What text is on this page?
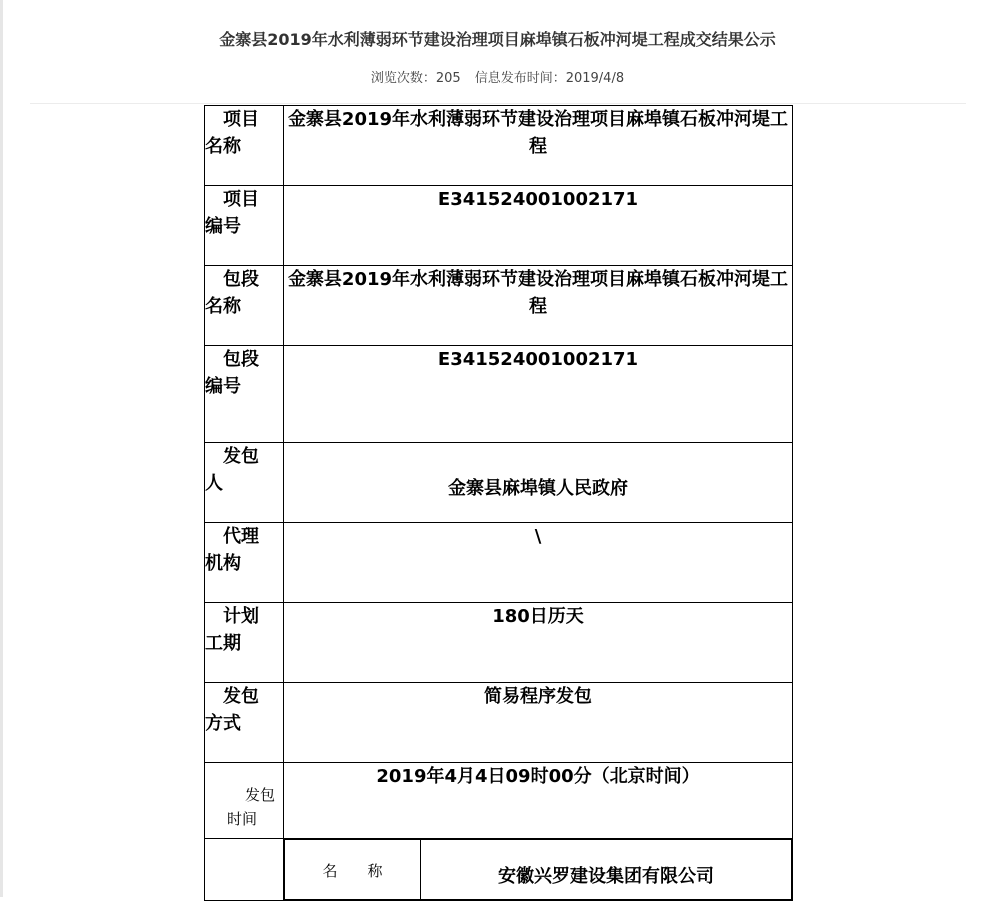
金寨县2019年水利薄弱环节建设治理项目麻埠镇石板冲河堤工程成交结果公示
浏览次数：205 信息发布时间：2019/4/8
项目
名称
	金寨县2019年水利薄弱环节建设治理项目麻埠镇石板冲河堤工程

项目
编号
	E341524001002171

包段
名称
	金寨县2019年水利薄弱环节建设治理项目麻埠镇石板冲河堤工程

包段
编号
	E341524001002171

发包
人	金寨县麻埠镇人民政府

代理
机构
	\

计划
工期
	180日历天

发包
方式
	简易程序发包

发包
时间
	2019年4月4日09时00分（北京时间）

名　　称	安徽兴罗建设集团有限公司
